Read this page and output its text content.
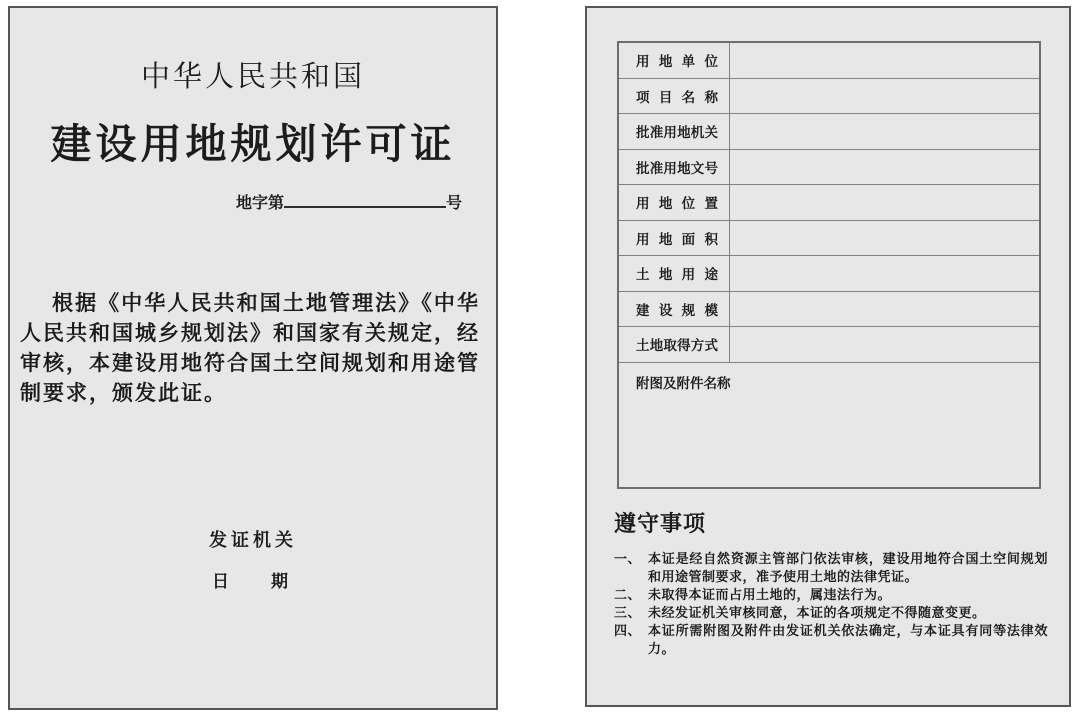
中华人民共和国
建设用地规划许可证
地字第	号

根据《中华人民共和国土地管理法》《中华人民共和国城乡规划法》和国家有关规定，经审核，本建设用地符合国土空间规划和用途管制要求，颁发此证。

发证机关
日期
用地单位
项目名称
批准用地机关
批准用地文号
用地位置
用地面积
土地用途
建设规模
土地取得方式
附图及附件名称
遵守事项
一、 本证是经自然资源主管部门依法审核，建设用地符合国土空间规划和用途管制要求，准予使用土地的法律凭证。
二、 未取得本证而占用土地的，属违法行为。
三、 未经发证机关审核同意，本证的各项规定不得随意变更。
四、 本证所需附图及附件由发证机关依法确定，与本证具有同等法律效力。
